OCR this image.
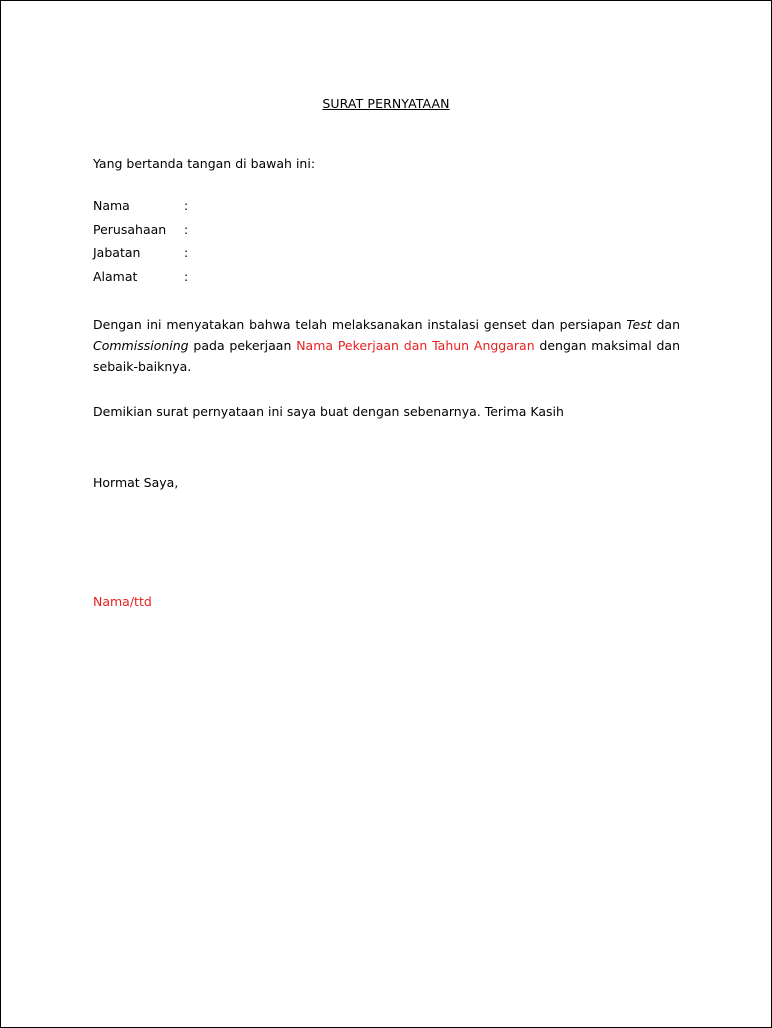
SURAT PERNYATAAN
Yang bertanda tangan di bawah ini:
Nama	:
Perusahaan :
Jabatan	:
Alamat	:
Dengan ini menyatakan bahwa telah melaksanakan instalasi genset dan persiapan Test dan Commissioning pada pekerjaan Nama Pekerjaan dan Tahun Anggaran dengan maksimal dan sebaik-baiknya.
Demikian surat pernyataan ini saya buat dengan sebenarnya. Terima Kasih
Hormat Saya,
Nama/ttd
